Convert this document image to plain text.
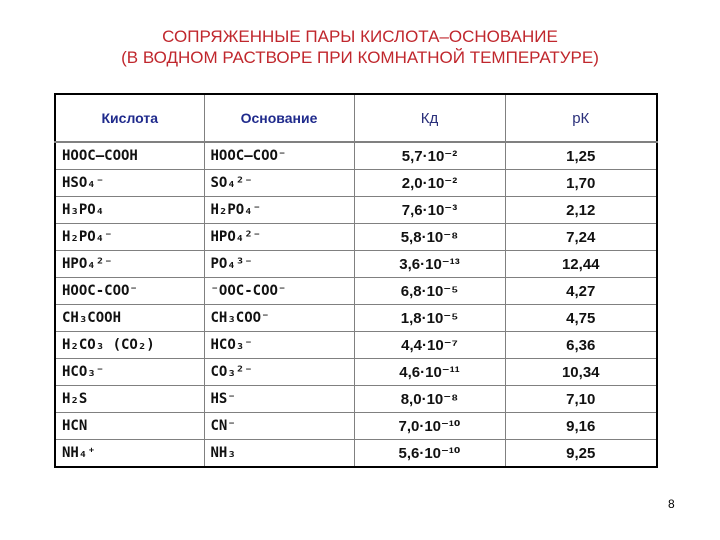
СОПРЯЖЕННЫЕ ПАРЫ КИСЛОТА–ОСНОВАНИЕ
(В ВОДНОМ РАСТВОРЕ ПРИ КОМНАТНОЙ ТЕМПЕРАТУРЕ)
Кислота	Основание	Кд	рК
HOOC–COOH	HOOC–COO⁻	5,7·10⁻²	1,25
HSO₄⁻	SO₄²⁻	2,0·10⁻²	1,70
H₃PO₄	H₂PO₄⁻	7,6·10⁻³	2,12
H₂PO₄⁻	HPO₄²⁻	5,8·10⁻⁸	7,24
HPO₄²⁻	PO₄³⁻	3,6·10⁻¹³	12,44
HOOC-COO⁻	⁻OOC-COO⁻	6,8·10⁻⁵	4,27
CH₃COOH	CH₃COO⁻	1,8·10⁻⁵	4,75
H₂CO₃ (CO₂)	HCO₃⁻	4,4·10⁻⁷	6,36
HCO₃⁻	CO₃²⁻	4,6·10⁻¹¹	10,34
H₂S	HS⁻	8,0·10⁻⁸	7,10
HCN	CN⁻	7,0·10⁻¹⁰	9,16
NH₄⁺	NH₃	5,6·10⁻¹⁰	9,25
8
